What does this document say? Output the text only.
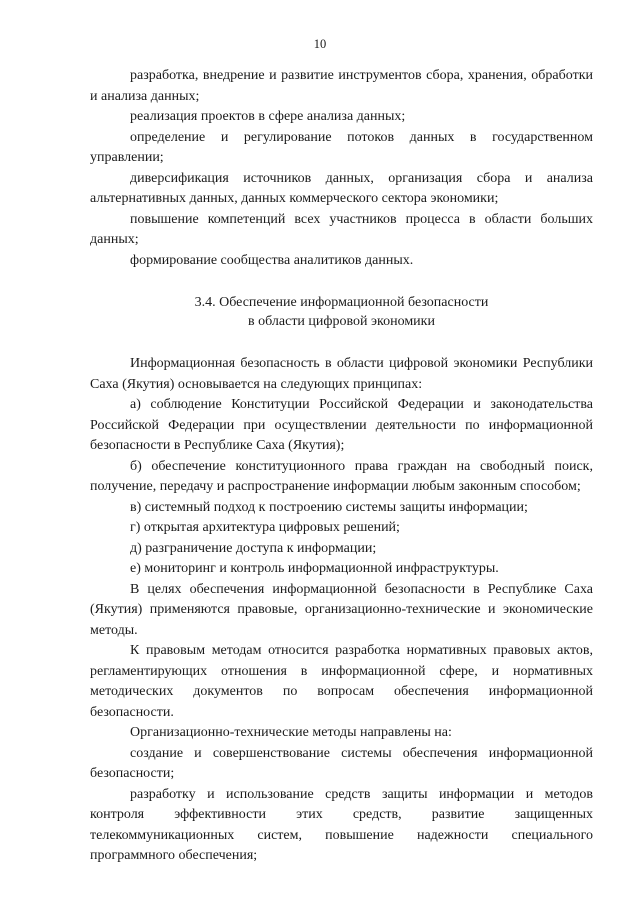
10

разработка, внедрение и развитие инструментов сбора, хранения, обработки и анализа данных;

реализация проектов в сфере анализа данных;

определение и регулирование потоков данных в государственном управлении;

диверсификация источников данных, организация сбора и анализа альтернативных данных, данных коммерческого сектора экономики;

повышение компетенций всех участников процесса в области больших данных;

формирование сообщества аналитиков данных.

3.4. Обеспечение информационной безопасности
в области цифровой экономики

Информационная безопасность в области цифровой экономики Республики Саха (Якутия) основывается на следующих принципах:

а) соблюдение Конституции Российской Федерации и законодательства Российской Федерации при осуществлении деятельности по информационной безопасности в Республике Саха (Якутия);

б) обеспечение конституционного права граждан на свободный поиск, получение, передачу и распространение информации любым законным способом;

в) системный подход к построению системы защиты информации;

г) открытая архитектура цифровых решений;

д) разграничение доступа к информации;

е) мониторинг и контроль информационной инфраструктуры.

В целях обеспечения информационной безопасности в Республике Саха (Якутия) применяются правовые, организационно-технические и экономические методы.

К правовым методам относится разработка нормативных правовых актов, регламентирующих отношения в информационной сфере, и нормативных методических документов по вопросам обеспечения информационной безопасности.

Организационно-технические методы направлены на:

создание и совершенствование системы обеспечения информационной безопасности;

разработку и использование средств защиты информации и методов контроля эффективности этих средств, развитие защищенных телекоммуникационных систем, повышение надежности специального программного обеспечения;
